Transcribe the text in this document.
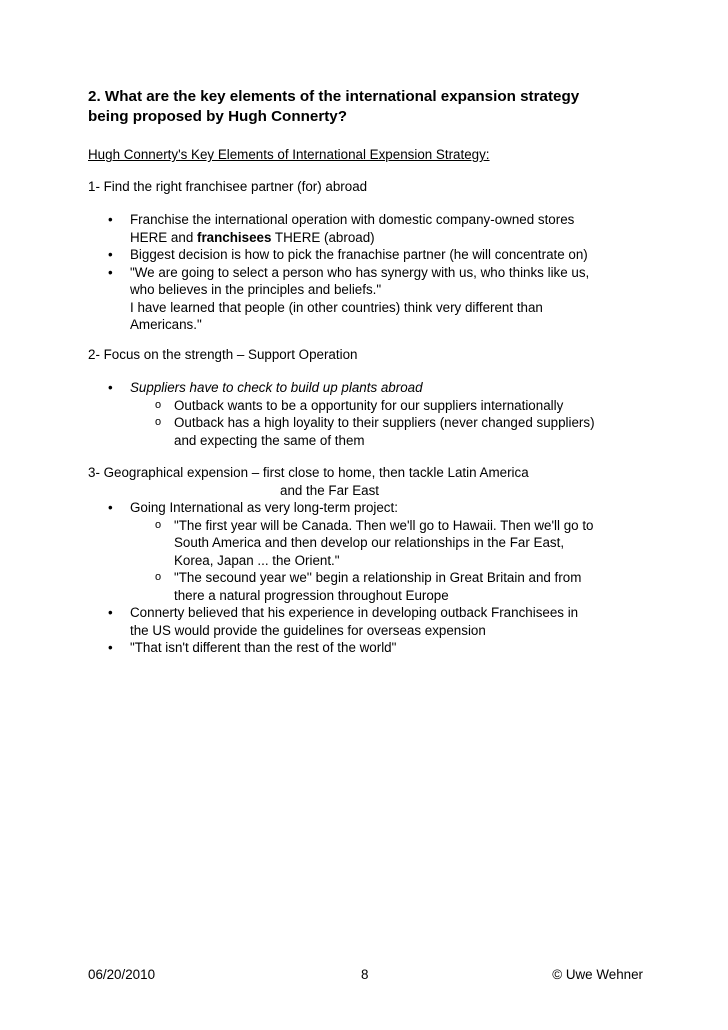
2. What are the key elements of the international expansion strategy
being proposed by Hugh Connerty?
Hugh Connerty's Key Elements of International Expension Strategy:
1- Find the right franchisee partner (for) abroad
• Franchise the international operation with domestic company-owned stores
HERE and franchisees THERE (abroad)
• Biggest decision is how to pick the franachise partner (he will concentrate on)
• "We are going to select a person who has synergy with us, who thinks like us,
who believes in the principles and beliefs."
I have learned that people (in other countries) think very different than
Americans."
2- Focus on the strength – Support Operation
• Suppliers have to check to build up plants abroad
o Outback wants to be a opportunity for our suppliers internationally
o Outback has a high loyality to their suppliers (never changed suppliers)
and expecting the same of them
3- Geographical expension – first close to home, then tackle Latin America
and the Far East
• Going International as very long-term project:
o "The first year will be Canada. Then we'll go to Hawaii. Then we'll go to
South America and then develop our relationships in the Far East,
Korea, Japan ... the Orient."
o "The secound year we'' begin a relationship in Great Britain and from
there a natural progression throughout Europe
• Connerty believed that his experience in developing outback Franchisees in
the US would provide the guidelines for overseas expension
• "That isn't different than the rest of the world"
06/20/2010	8	© Uwe Wehner
